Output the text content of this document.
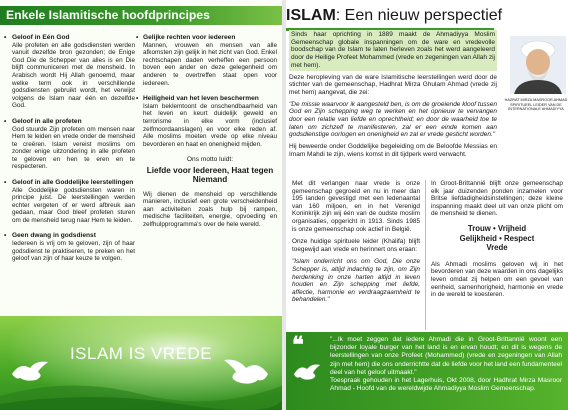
Enkele Islamitische hoofdprincipes
• Geloof in Eén God
Alle profeten en alle godsdiensten werden vanuit dezelfde bron gezonden; de Enige God Die de Schepper van alles is en Die blijft communiceren met de mensheid. In Arabisch wordt Hij Allah genoemd, maar welke term ook in verschillende godsdiensten gebruikt wordt, het verwijst volgens de Islam naar één en dezelfde God.
• Geloof in alle profeten
God stuurde Zijn profeten om mensen naar Hem te leiden en vrede onder de mensheid te creëren. Islam vereist moslims om zonder enige uitzondering in alle profeten te geloven en hen te eren en te respecteren.
• Geloof in alle Goddelijke leerstellingen
Alle Goddelijke godsdiensten waren in principe juist. De leerstellingen werden echter vergeten of er werd afbreuk aan gedaan, maar God bleef profeten sturen om de mensheid terug naar Hem te leiden.
• Geen dwang in godsdienst
Iedereen is vrij om te geloven, zijn of haar godsdienst te praktiseren, te preken en het geloof van zijn of haar keuze te volgen.
• Gelijke rechten voor iedereen
Mannen, vrouwen en mensen van alle afkomsten zijn gelijk in het zicht van God. Enkel rechtschapen daden verheffen een persoon boven een ander en deze gelegenheid om anderen te overtreffen staat open voor iedereen.
• Heiligheid van het leven beschermen
Islam beklemtoont de onschendbaarheid van het leven en keurt duidelijk geweld en terrorisme in elke vorm (inclusief zelfmoordaanslagen) en voor elke reden af. Alle moslims moeten vrede op elke niveau bevorderen en haat en onenigheid mijden.
Ons motto luidt:
Liefde voor Iedereen, Haat tegen Niemand
Wij dienen de mensheid op verschillende manieren, inclusief een grote verscheidenheid aan activiteiten zoals hulp bij rampen, medische faciliteiten, energie, opvoeding en zelfhulpprogramma's over de hele wereld.
ISLAM IS VREDE
ISLAM: Een nieuw perspectief
Sinds haar oprichting in 1889 maakt de Ahmadiyya Moslim Gemeenschap globale inspanningen om de ware en vredevolle boodschap van de Islam te laten herleven zoals het werd aangeleerd door de Heilige Profeet Mohammed (vrede en zegeningen van Allah zij met hem).

Deze heropleving van de ware Islamitische leerstellingen werd door de stichter van de gemeenschap, Hadhrat Mirza Ghulam Ahmad (vrede zij met hem) aangevat, die zei:

"De missie waarvoor ik aangesteld ben, is om de groeiende kloof tussen God en Zijn schepping weg te werken en het opnieuw te vervangen door een relatie van liefde en oprechtheid; en door de waarheid toe te laten om zichzelf te manifesteren, zal er een einde komen aan godsdienstige oorlogen en onenigheid en zal er vrede gesticht worden."

Hij beweerde onder Goddelijke begeleiding om de Beloofde Messias en Imam Mahdi te zijn, wiens komst in dit tijdperk werd verwacht.

HAZRAT MIRZA MASROOR AHMAD SPIRITUEEL LEIDER VAN DE INTERNATIONALE AHMADIYYA

Met dit verlangen naar vrede is onze gemeenschap gegroeid en nu in meer dan 195 landen gevestigd met een ledenaantal van 160 miljoen, en in het Verenigd Koninkrijk zijn wij één van de oudste moslim organisaties, opgericht in 1913. Sinds 1985 is onze gemeenschap ook actief in België.

Onze huidige spirituele leider (Khalifa) blijft toegewijd aan vrede en herinnert ons eraan:

"Islam onderricht ons om God, Die onze Schepper is, altijd indachtig te zijn, om Zijn herdenking in onze harten altijd in leven houden en Zijn schepping met liefde, affectie, harmonie en verdraagzaamheid te behandelen."

In Groot-Brittannië blijft onze gemeenschap elk jaar duizenden ponden inzamelen voor Britse liefdadigheidsinstellingen; deze kleine inspanning maakt deel uit van onze plicht om de mensheid te dienen.

Trouw • Vrijheid
Gelijkheid • Respect
Vrede

Als Ahmadi moslims geloven wij in het bevorderen van deze waarden in ons dagelijks leven omdat zij helpen om een gevoel van eenheid, samenhorigheid, harmonie en vrede in de wereld te koesteren.

❝	"...Ik moet zeggen dat iedere Ahmadi die in Groot-Brittannië woont een bijzonder loyale burger van het land is en ervan houdt; en dit is wegens de leerstellingen van onze Profeet (Mohammed) (vrede en zegeningen van Allah zijn met hem) die ons onderrichtte dat de liefde voor het land een fundamenteel deel van het geloof uitmaakt."
Toespraak gehouden in het Lagerhuis, Okt 2008, door Hadhrat Mirza Masroor Ahmad - Hoofd van de wereldwijde Ahmadiyya Moslim Gemeenschap.
